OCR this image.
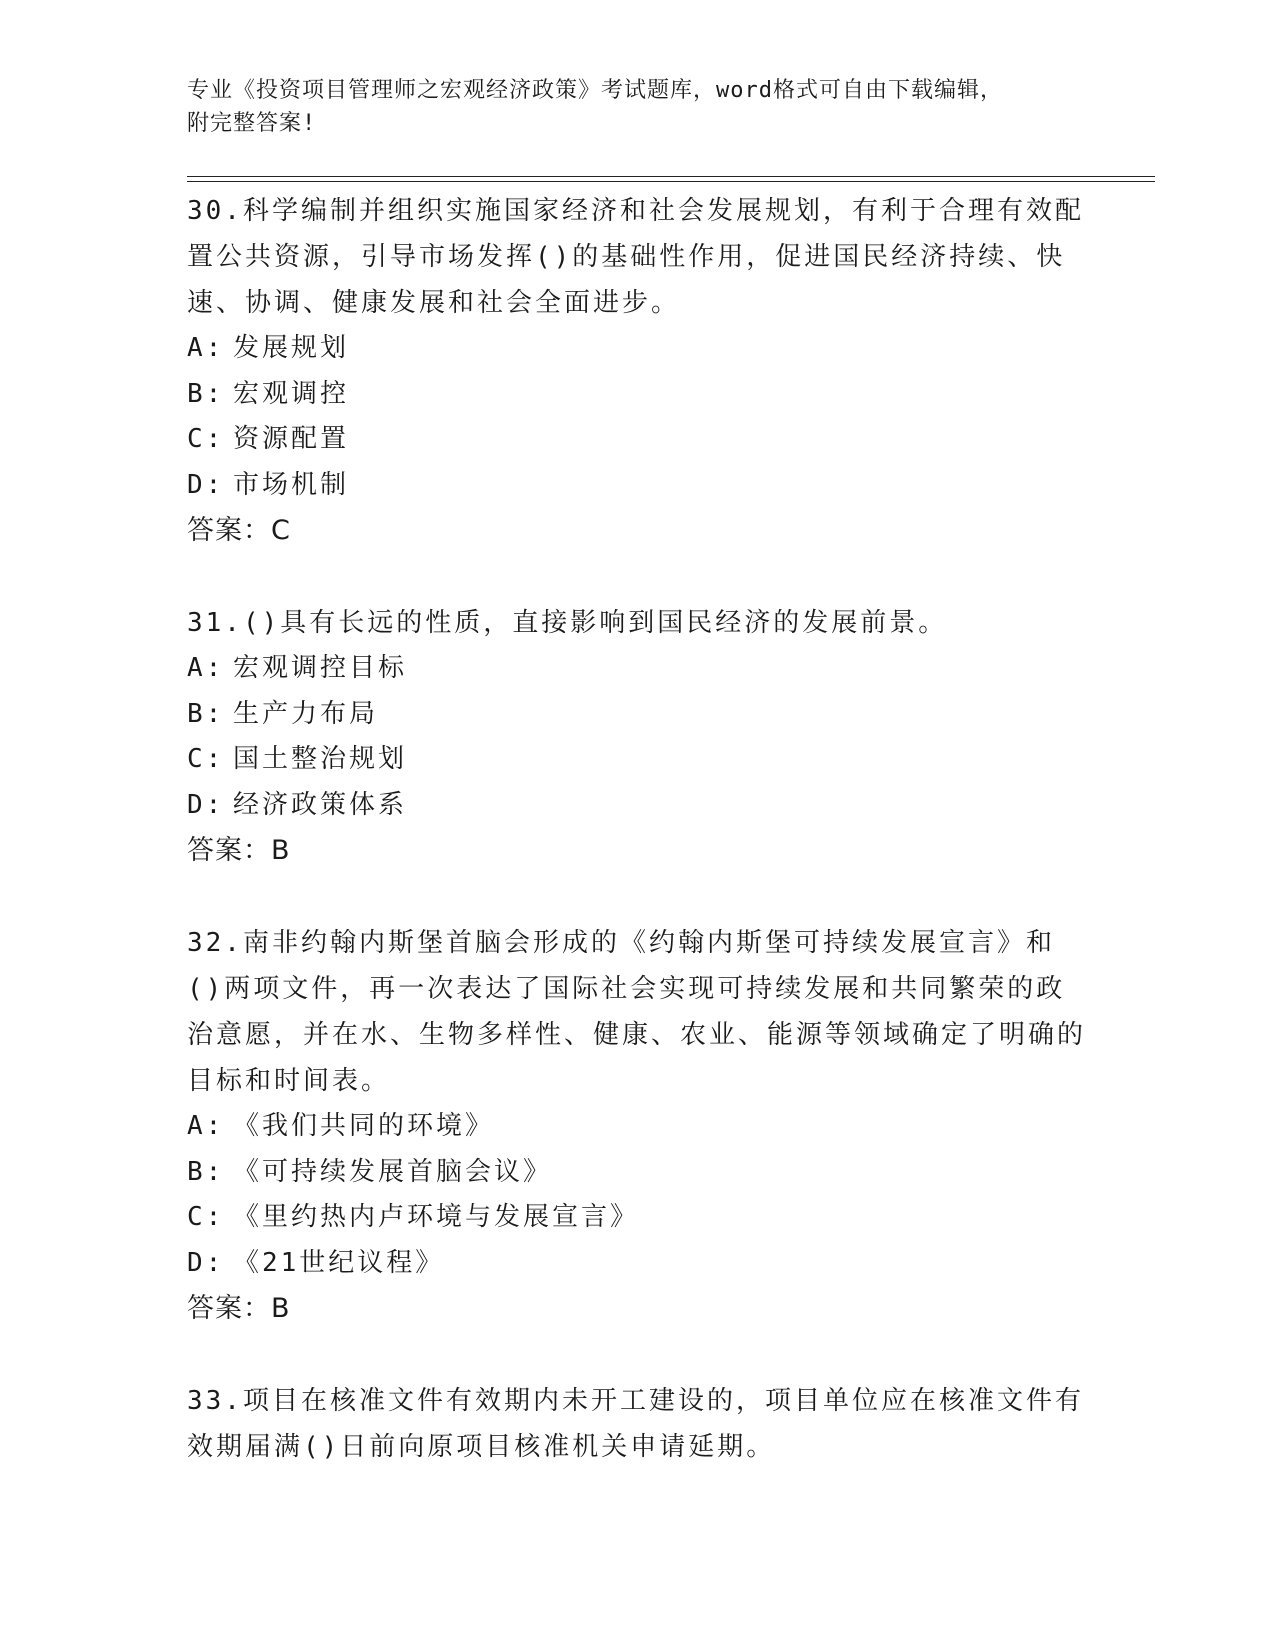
专业《投资项目管理师之宏观经济政策》考试题库，word格式可自由下载编辑，
附完整答案!

30.科学编制并组织实施国家经济和社会发展规划，有利于合理有效配置公共资源，引导市场发挥()的基础性作用，促进国民经济持续、快速、协调、健康发展和社会全面进步。

A: 发展规划

B: 宏观调控

C: 资源配置

D: 市场机制

答案：C

31.()具有长远的性质，直接影响到国民经济的发展前景。

A: 宏观调控目标

B: 生产力布局

C: 国土整治规划

D: 经济政策体系

答案：B

32.南非约翰内斯堡首脑会形成的《约翰内斯堡可持续发展宣言》和()两项文件，再一次表达了国际社会实现可持续发展和共同繁荣的政治意愿，并在水、生物多样性、健康、农业、能源等领域确定了明确的目标和时间表。

A: 《我们共同的环境》

B: 《可持续发展首脑会议》

C: 《里约热内卢环境与发展宣言》

D: 《21世纪议程》

答案：B

33.项目在核准文件有效期内未开工建设的，项目单位应在核准文件有效期届满()日前向原项目核准机关申请延期。
